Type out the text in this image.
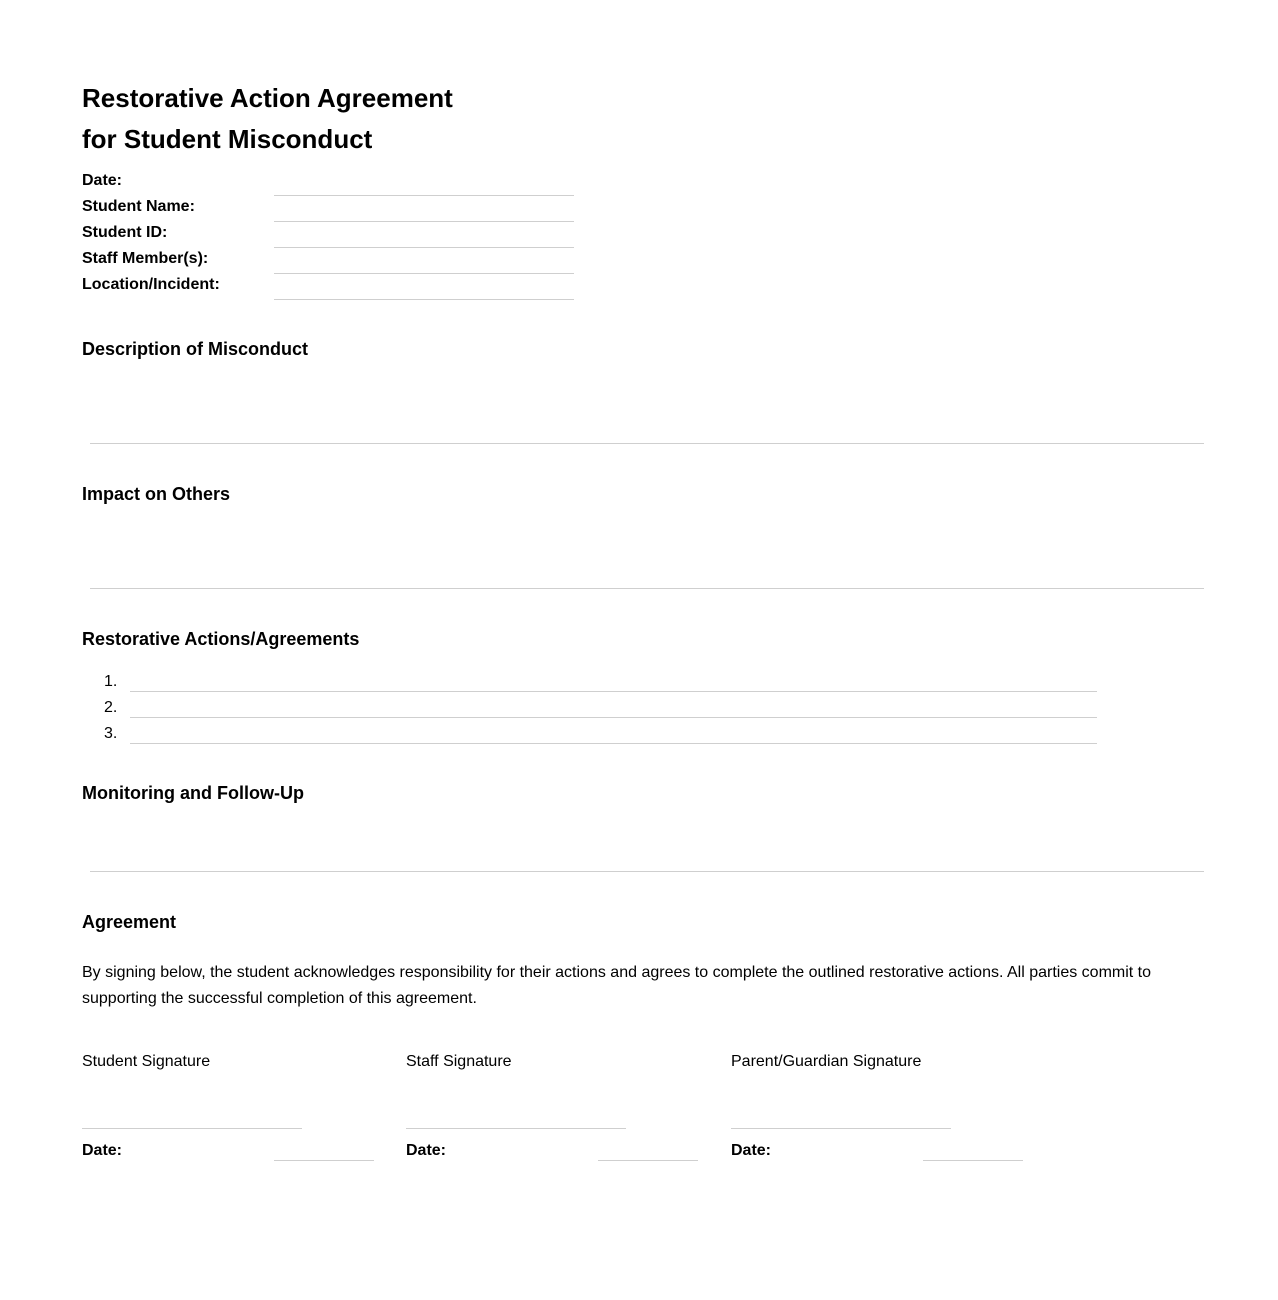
Restorative Action Agreement
for Student Misconduct
Date:
Student Name:
Student ID:
Staff Member(s):
Location/Incident:
Description of Misconduct
Impact on Others
Restorative Actions/Agreements
1.
2.
3.
Monitoring and Follow-Up
Agreement

By signing below, the student acknowledges responsibility for their actions and agrees to complete the outlined restorative actions. All parties commit to supporting the successful completion of this agreement.

Student Signature
Date:
Staff Signature
Date:
Parent/Guardian Signature
Date:
